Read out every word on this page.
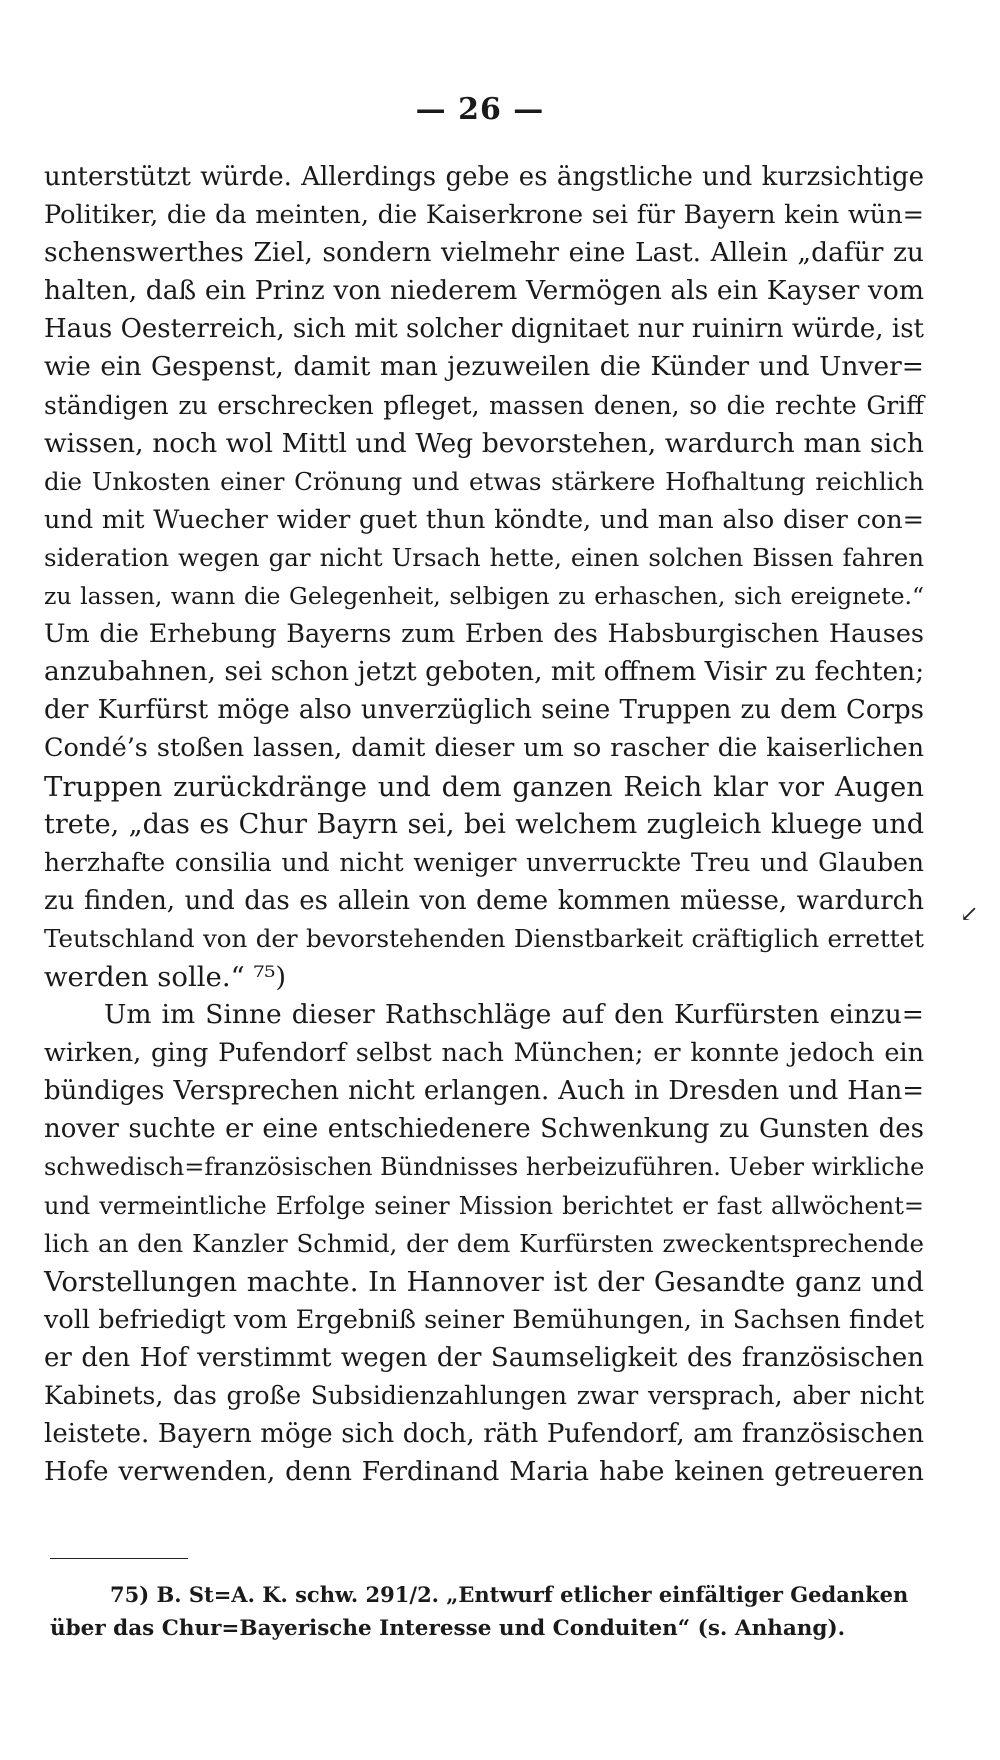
— 26 —
unterstützt würde. Allerdings gebe es ängstliche und kurzsichtige
Politiker, die da meinten, die Kaiserkrone sei für Bayern kein wün=
schenswerthes Ziel, sondern vielmehr eine Last. Allein „dafür zu
halten, daß ein Prinz von niederem Vermögen als ein Kayser vom
Haus Oesterreich, sich mit solcher dignitaet nur ruinirn würde, ist
wie ein Gespenst, damit man jezuweilen die Künder und Unver=
ständigen zu erschrecken pfleget, massen denen, so die rechte Griff
wissen, noch wol Mittl und Weg bevorstehen, wardurch man sich
die Unkosten einer Crönung und etwas stärkere Hofhaltung reichlich
und mit Wuecher wider guet thun köndte, und man also diser con=
sideration wegen gar nicht Ursach hette, einen solchen Bissen fahren
zu lassen, wann die Gelegenheit, selbigen zu erhaschen, sich ereignete.“
Um die Erhebung Bayerns zum Erben des Habsburgischen Hauses
anzubahnen, sei schon jetzt geboten, mit offnem Visir zu fechten;
der Kurfürst möge also unverzüglich seine Truppen zu dem Corps
Condé’s stoßen lassen, damit dieser um so rascher die kaiserlichen
Truppen zurückdränge und dem ganzen Reich klar vor Augen
trete, „das es Chur Bayrn sei, bei welchem zugleich kluege und
herzhafte consilia und nicht weniger unverruckte Treu und Glauben
zu finden, und das es allein von deme kommen müesse, wardurch
Teutschland von der bevorstehenden Dienstbarkeit cräftiglich errettet
werden solle.“ ⁷⁵)
Um im Sinne dieser Rathschläge auf den Kurfürsten einzu=
wirken, ging Pufendorf selbst nach München; er konnte jedoch ein
bündiges Versprechen nicht erlangen. Auch in Dresden und Han=
nover suchte er eine entschiedenere Schwenkung zu Gunsten des
schwedisch=französischen Bündnisses herbeizuführen. Ueber wirkliche
und vermeintliche Erfolge seiner Mission berichtet er fast allwöchent=
lich an den Kanzler Schmid, der dem Kurfürsten zweckentsprechende
Vorstellungen machte. In Hannover ist der Gesandte ganz und
voll befriedigt vom Ergebniß seiner Bemühungen, in Sachsen findet
er den Hof verstimmt wegen der Saumseligkeit des französischen
Kabinets, das große Subsidienzahlungen zwar versprach, aber nicht
leistete. Bayern möge sich doch, räth Pufendorf, am französischen
Hofe verwenden, denn Ferdinand Maria habe keinen getreueren
↙
75) B. St=A. K. schw. 291/2. „Entwurf etlicher einfältiger Gedanken
über das Chur=Bayerische Interesse und Conduiten“ (s. Anhang).
